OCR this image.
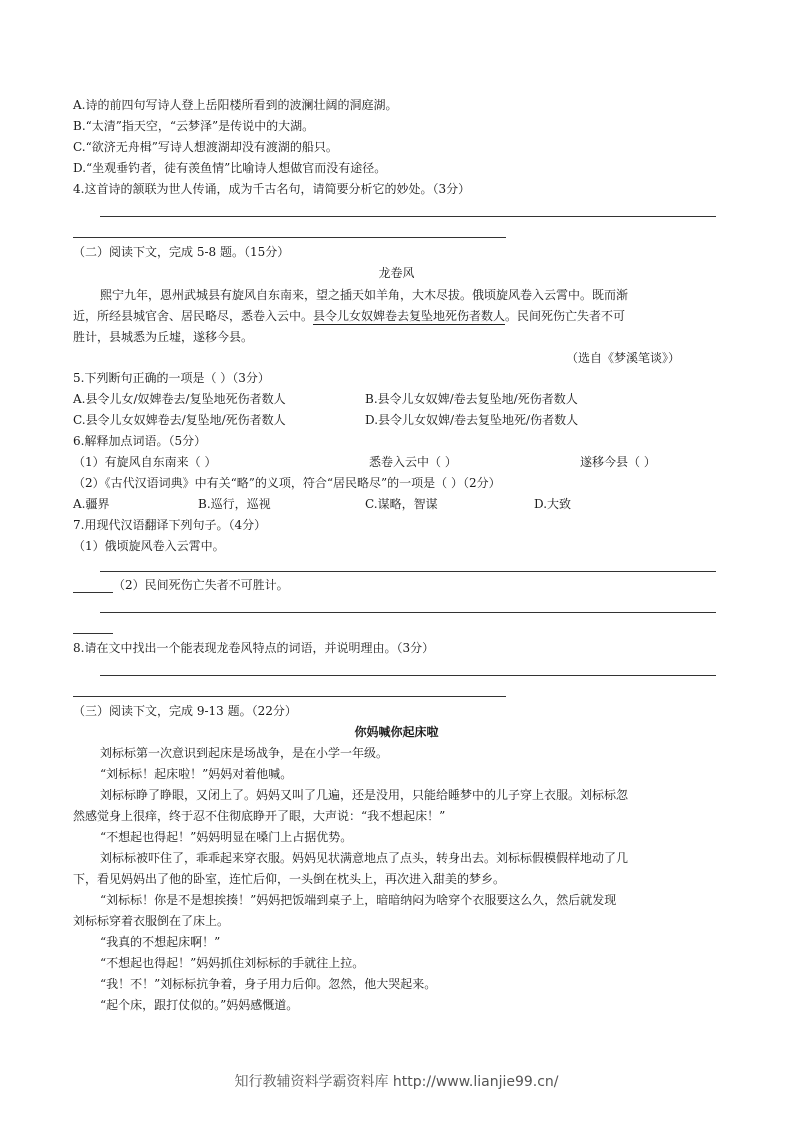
A.诗的前四句写诗人登上岳阳楼所看到的波澜壮阔的洞庭湖。
B.“太清”指天空，“云梦泽”是传说中的大湖。
C.“欲济无舟楫”写诗人想渡湖却没有渡湖的船只。
D.“坐观垂钓者，徒有羡鱼情”比喻诗人想做官而没有途径。
4.这首诗的颔联为世人传诵，成为千古名句，请简要分析它的妙处。（3分）
（二）阅读下文，完成 5-8 题。（15分）
龙卷风
熙宁九年，恩州武城县有旋风自东南来，望之插天如羊角，大木尽拔。俄顷旋风卷入云霄中。既而渐
近，所经县城官舍、居民略尽，悉卷入云中。县令儿女奴婢卷去复坠地死伤者数人。民间死伤亡失者不可
胜计，县城悉为丘墟，遂移今县。
（选自《梦溪笔谈》）
5.下列断句正确的一项是（ ）（3分）
A.县令儿女/奴婢卷去/复坠地死伤者数人	B.县令儿女奴婢/卷去复坠地/死伤者数人
C.县令儿女奴婢卷去/复坠地/死伤者数人	D.县令儿女奴婢/卷去复坠地死/伤者数人
6.解释加点词语。（5分）
（1）有旋风自东南来（ ）	悉卷入云中（ ）	遂移今县（ ）
（2）《古代汉语词典》中有关“略”的义项，符合“居民略尽”的一项是（ ）（2分）
A.疆界	B.巡行，巡视	C.谋略，智谋	D.大致
7.用现代汉语翻译下列句子。（4分）
（1）俄顷旋风卷入云霄中。
（2）民间死伤亡失者不可胜计。
8.请在文中找出一个能表现龙卷风特点的词语，并说明理由。（3分）
（三）阅读下文，完成 9-13 题。（22分）
你妈喊你起床啦
刘标标第一次意识到起床是场战争，是在小学一年级。
“刘标标！起床啦！”妈妈对着他喊。
刘标标睁了睁眼，又闭上了。妈妈又叫了几遍，还是没用，只能给睡梦中的儿子穿上衣服。刘标标忽
然感觉身上很痒，终于忍不住彻底睁开了眼，大声说：“我不想起床！”
“不想起也得起！”妈妈明显在嗓门上占据优势。
刘标标被吓住了，乖乖起来穿衣服。妈妈见状满意地点了点头，转身出去。刘标标假模假样地动了几
下，看见妈妈出了他的卧室，连忙后仰，一头倒在枕头上，再次进入甜美的梦乡。
“刘标标！你是不是想挨揍！”妈妈把饭端到桌子上，暗暗纳闷为啥穿个衣服要这么久，然后就发现
刘标标穿着衣服倒在了床上。
“我真的不想起床啊！”
“不想起也得起！”妈妈抓住刘标标的手就往上拉。
“我！不！”刘标标抗争着，身子用力后仰。忽然，他大哭起来。
“起个床，跟打仗似的。”妈妈感慨道。
知行教辅资料学霸资料库 http://www.lianjie99.cn/
